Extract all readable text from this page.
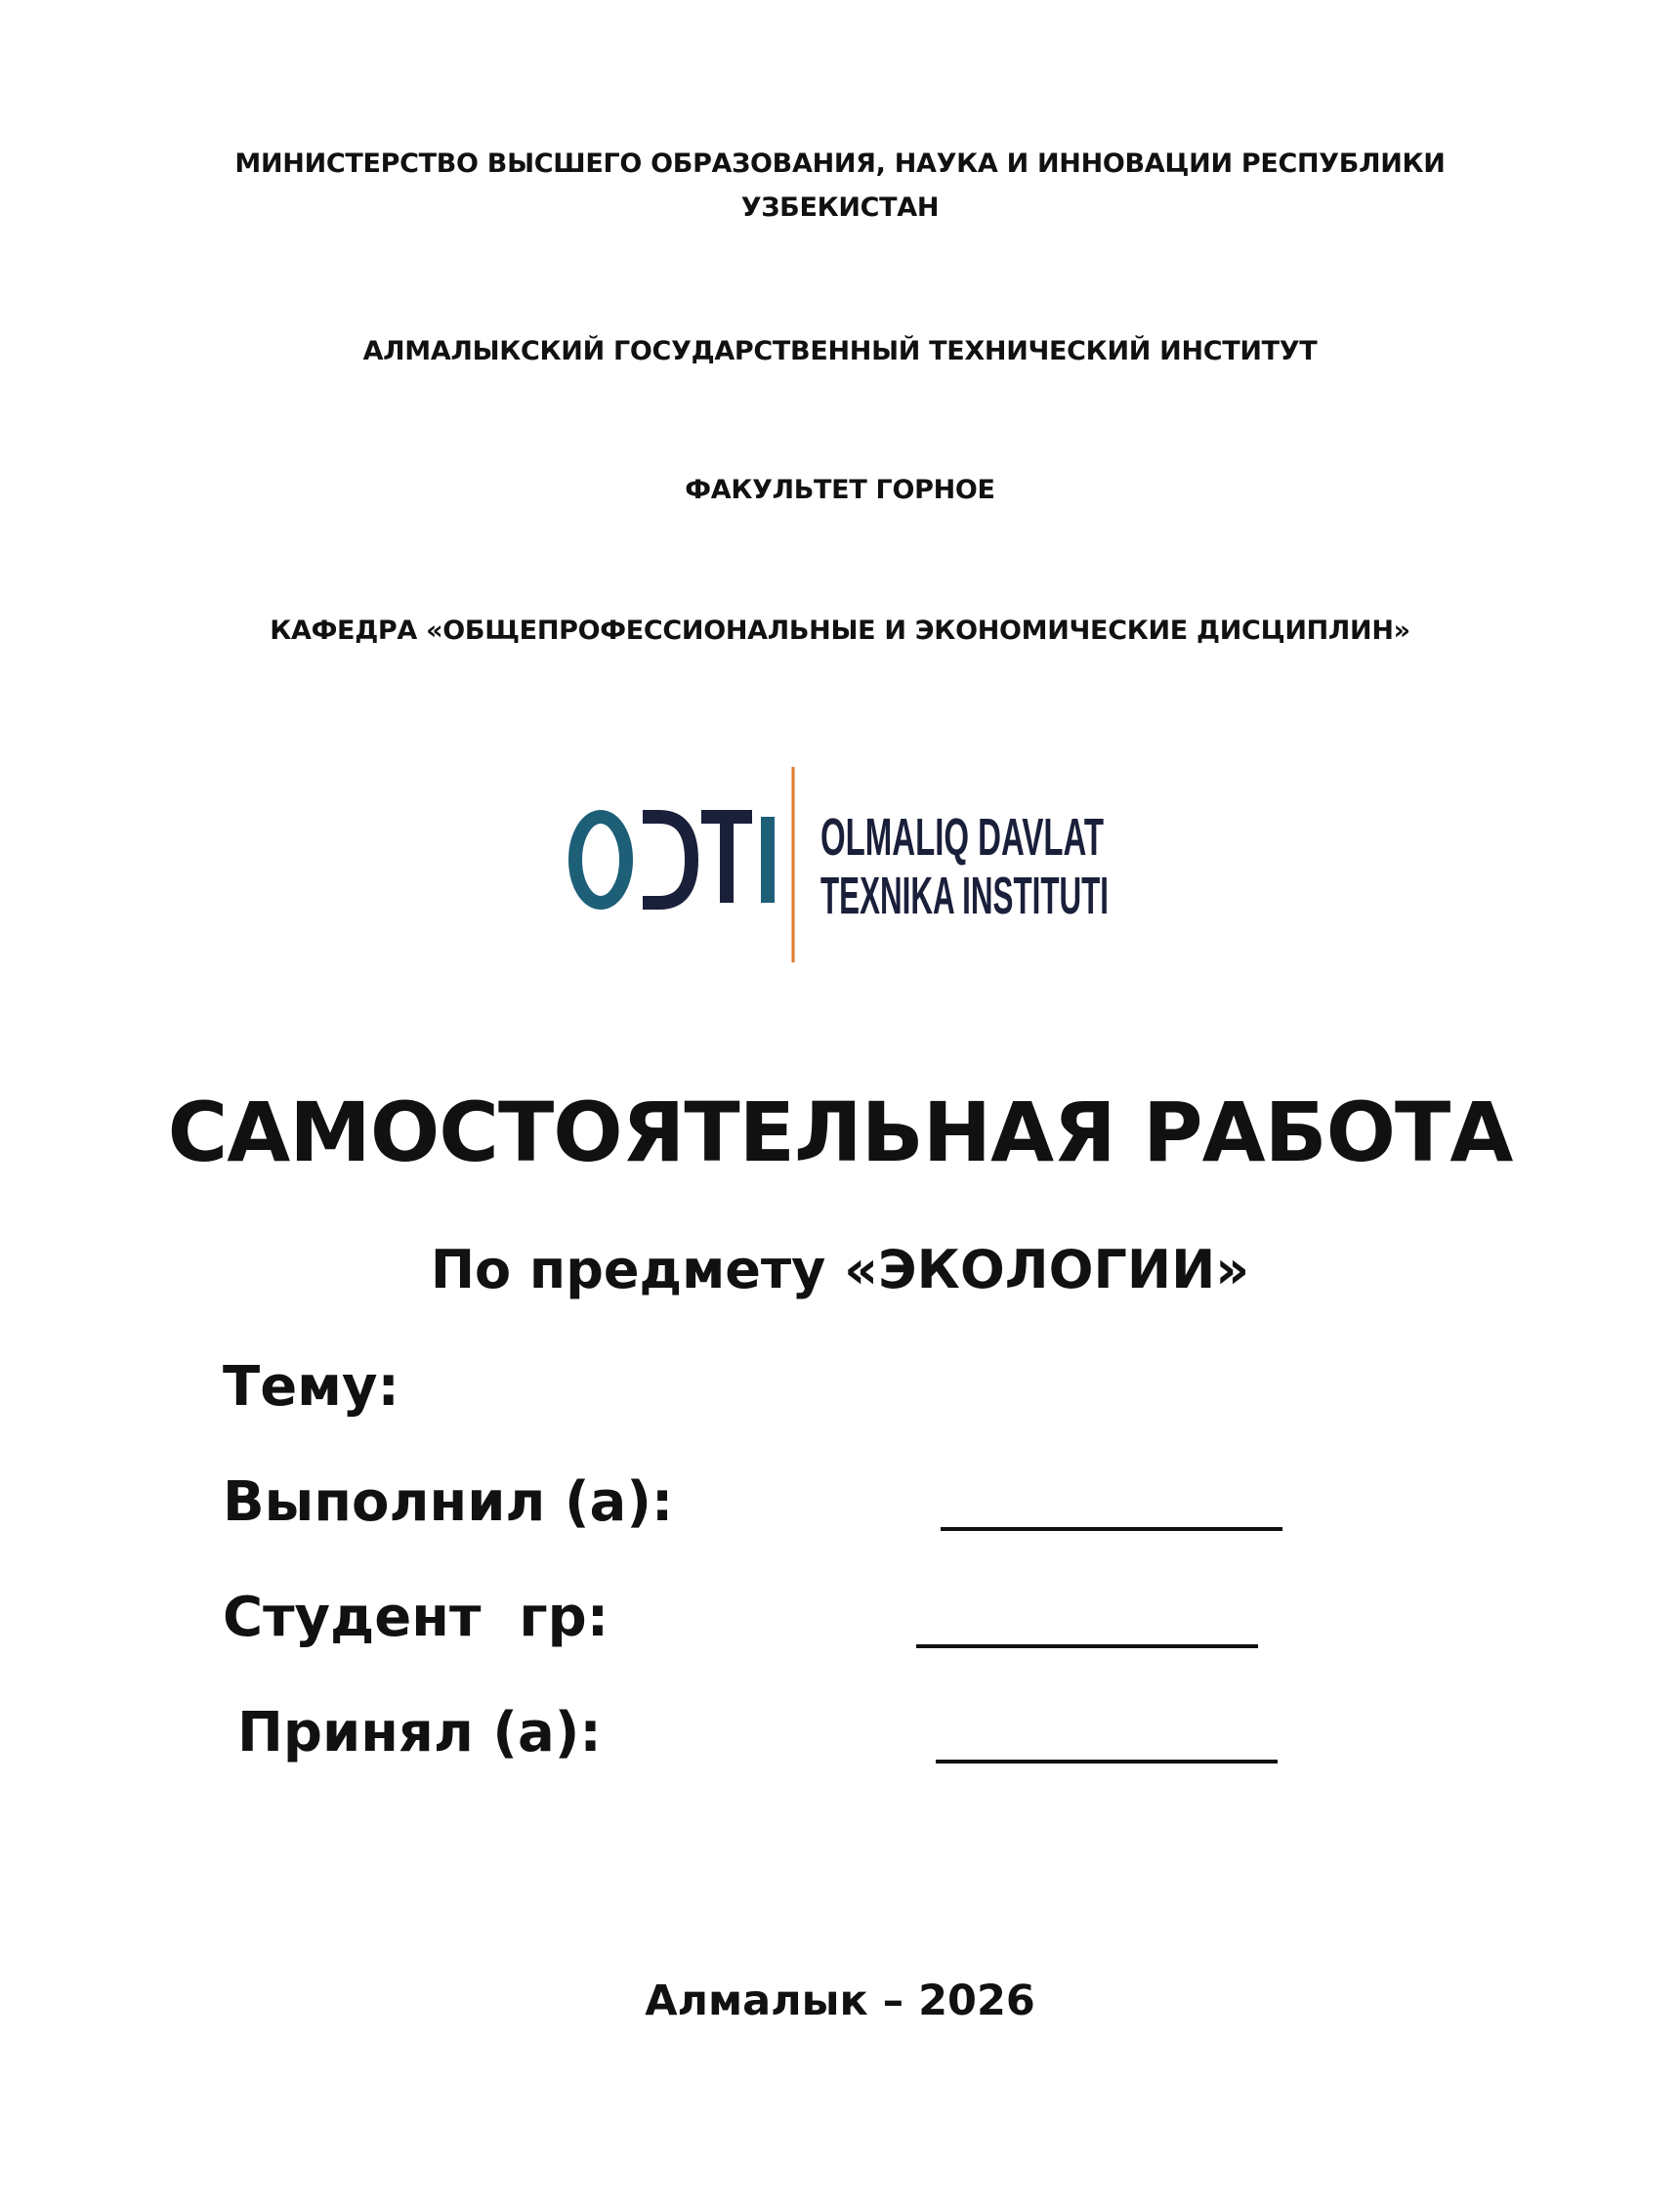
МИНИСТЕРСТВО ВЫСШЕГО ОБРАЗОВАНИЯ, НАУКА И ИННОВАЦИИ РЕСПУБЛИКИ
УЗБЕКИСТАН
АЛМАЛЫКСКИЙ ГОСУДАРСТВЕННЫЙ ТЕХНИЧЕСКИЙ ИНСТИТУТ
ФАКУЛЬТЕТ ГОРНОЕ
КАФЕДРА «ОБЩЕПРОФЕССИОНАЛЬНЫЕ И ЭКОНОМИЧЕСКИЕ ДИСЦИПЛИН»
OLMALIQ DAVLAT
TEXNIKA INSTITUTI
САМОСТОЯТЕЛЬНАЯ РАБОТА
По предмету «ЭКОЛОГИИ»
Тему:
Выполнил (а):
Студент  гр:
Принял (а):
Алмалык – 2026
